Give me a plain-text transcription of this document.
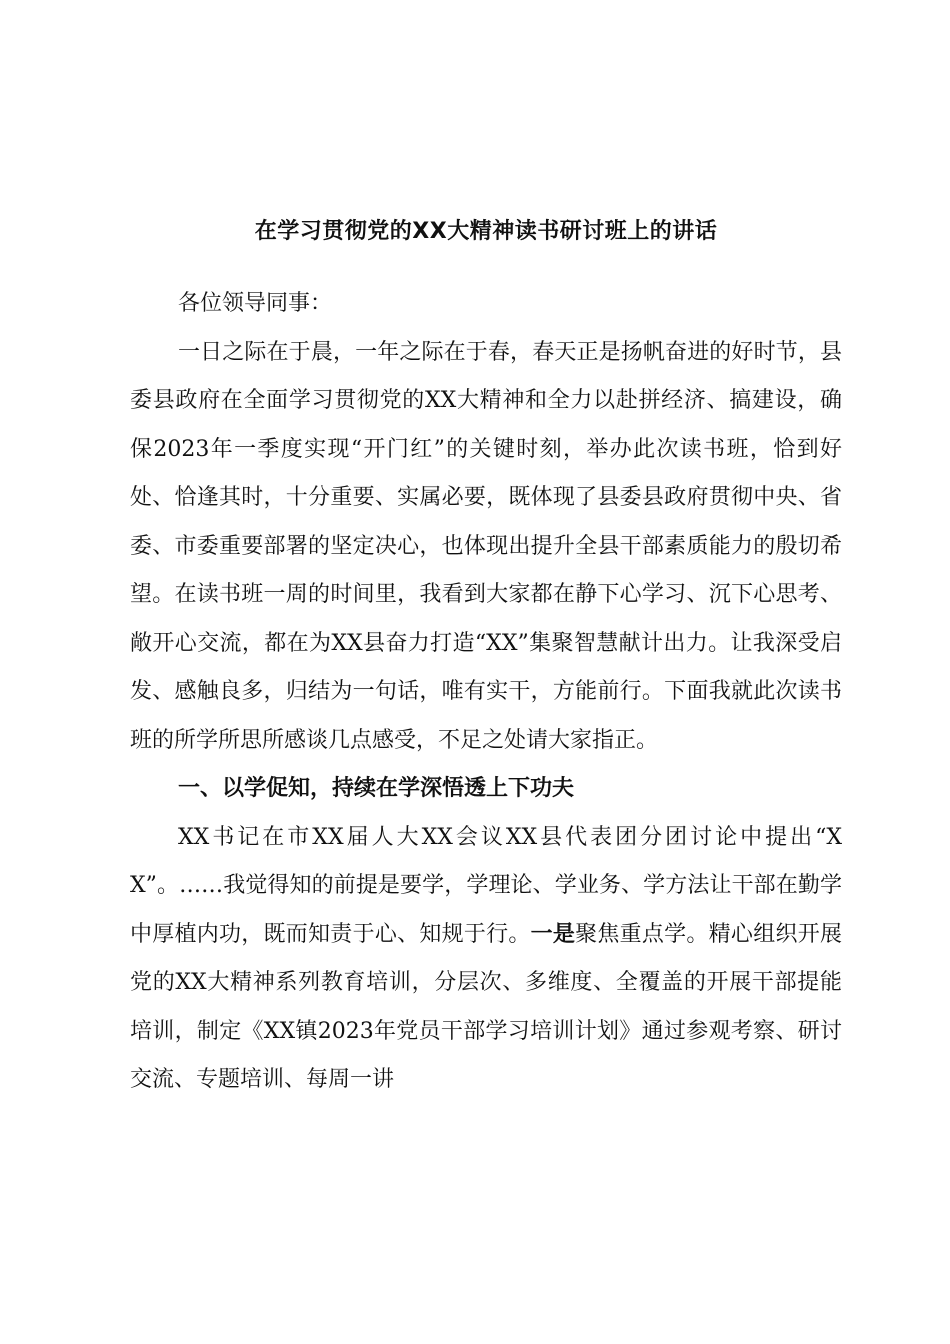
在学习贯彻党的XX大精神读书研讨班上的讲话

各位领导同事：

一日之际在于晨，一年之际在于春，春天正是扬帆奋进的好时节，县委县政府在全面学习贯彻党的XX大精神和全力以赴拼经济、搞建设，确保2023年一季度实现“开门红”的关键时刻，举办此次读书班，恰到好处、恰逢其时，十分重要、实属必要，既体现了县委县政府贯彻中央、省委、市委重要部署的坚定决心，也体现出提升全县干部素质能力的殷切希望。在读书班一周的时间里，我看到大家都在静下心学习、沉下心思考、敞开心交流，都在为XX县奋力打造“XX”集聚智慧献计出力。让我深受启发、感触良多，归结为一句话，唯有实干，方能前行。下面我就此次读书班的所学所思所感谈几点感受，不足之处请大家指正。

一、以学促知，持续在学深悟透上下功夫

XX书记在市XX届人大XX会议XX县代表团分团讨论中提出“XX”。……我觉得知的前提是要学，学理论、学业务、学方法让干部在勤学中厚植内功，既而知责于心、知规于行。一是聚焦重点学。精心组织开展党的XX大精神系列教育培训，分层次、多维度、全覆盖的开展干部提能培训，制定《XX镇2023年党员干部学习培训计划》通过参观考察、研讨交流、专题培训、每周一讲
